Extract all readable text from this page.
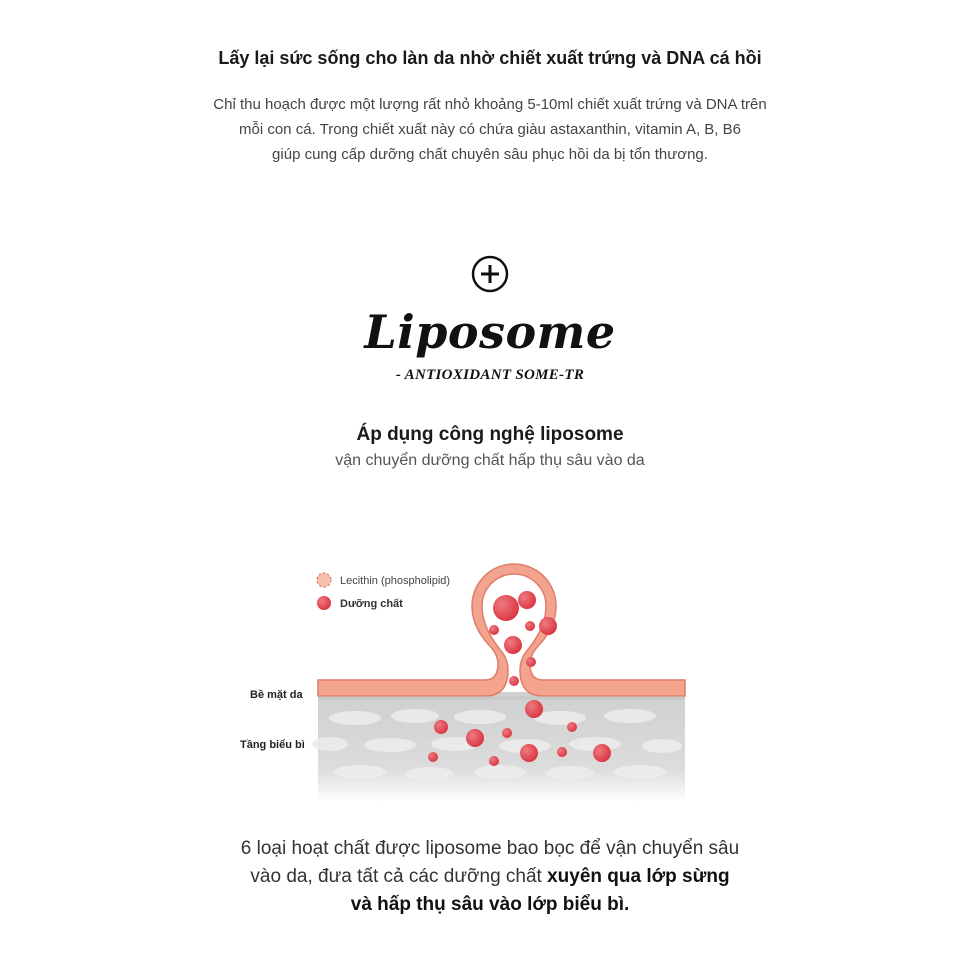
Lấy lại sức sống cho làn da nhờ chiết xuất trứng và DNA cá hồi
Chỉ thu hoạch được một lượng rất nhỏ khoảng 5-10ml chiết xuất trứng và DNA trên
mỗi con cá. Trong chiết xuất này có chứa giàu astaxanthin, vitamin A, B, B6
giúp cung cấp dưỡng chất chuyên sâu phục hồi da bị tổn thương.
Liposome
- ANTIOXIDANT SOME-TR
Áp dụng công nghệ liposome
vận chuyển dưỡng chất hấp thụ sâu vào da
Lecithin (phospholipid)
Dưỡng chất
Bề mặt da
Tầng biểu bì
6 loại hoạt chất được liposome bao bọc để vận chuyển sâu
vào da, đưa tất cả các dưỡng chất xuyên qua lớp sừng
và hấp thụ sâu vào lớp biểu bì.
